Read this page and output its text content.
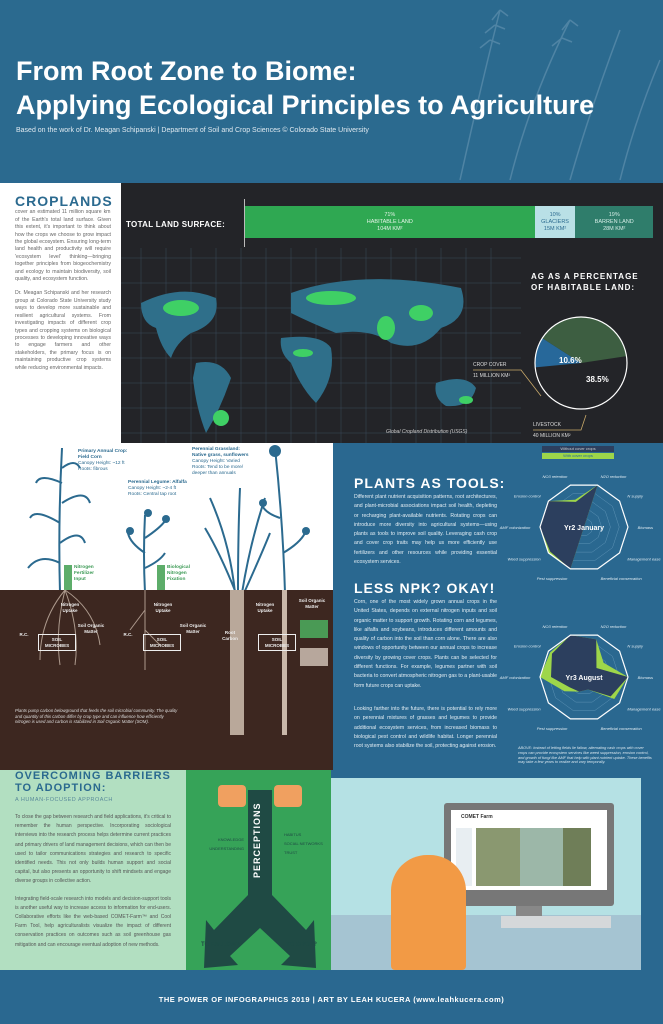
From Root Zone to Biome:
Applying Ecological Principles to Agriculture
Based on the work of Dr. Meagan Schipanski | Department of Soil and Crop Sciences © Colorado State University

CROPLANDS cover an estimated 11 million square km of the Earth's total land surface. Given this extent, it's important to think about how the crops we choose to grow impact the global ecosystem. Ensuring long-term land health and productivity will require 'ecosystem level' thinking—bringing together principles from biogeochemistry and ecology to maintain biodiversity, soil quality, and ecosystem function.

Dr. Meagan Schipanski and her research group at Colorado State University study ways to develop more sustainable and resilient agricultural systems. From investigating impacts of different crop types and cropping systems on biological processes to developing innovative ways to engage farmers and other stakeholders, the primary focus is on maintaining productive crop systems while reducing environmental impacts.

TOTAL LAND SURFACE:
71%
HABITABLE LAND
104M KM²
10%
GLACIERS
15M KM²
19%
BARREN LAND
28M KM²
Global Cropland Distribution (USGS)
AG AS A PERCENTAGE
OF HABITABLE LAND:
10.6%
38.5%
CROP COVER
11 MILLION KM²
LIVESTOCK
40 MILLION KM²
Primary Annual Crop: Field Corn
Canopy Height: ~12 ft
Roots: fibrous
Perennial Legume: Alfalfa
Canopy Height: ~2-4 ft
Roots: Central tap root
Perennial Grassland: Native grass, sunflowers
Canopy Height: Varied
Roots: Tend to be more/ deeper than annuals
Nitrogen Fertilizer Input
Biological Nitrogen Fixation
Nitrogen Uptake
Nitrogen Uptake
Nitrogen Uptake
Soil Organic Matter
Soil Organic Matter
Soil Organic Matter
SOIL MICROBES
SOIL MICROBES
SOIL MICROBES
R.C.	R.C.	Root Carbon
Plants pump carbon belowground that feeds the soil microbial community. The quality and quantity of this carbon differ by crop type and can influence how efficiently nitrogen is used and carbon is stabilized in Soil Organic Matter (SOM).
PLANTS AS TOOLS:
Different plant nutrient acquisition patterns, root architectures, and plant-microbial associations impact soil health, depleting or recharging plant-available nutrients. Rotating crops can introduce more diversity into agricultural systems—using plants as tools to improve soil quality. Leveraging cash crop and cover crop traits may help us more efficiently use fertilizers and other resources while providing essential ecosystem services.
LESS NPK? OKAY!
Corn, one of the most widely grown annual crops in the United States, depends on external nitrogen inputs and soil organic matter to support growth. Rotating corn and legumes, like alfalfa and soybeans, introduces different amounts and quality of carbon into the soil than corn alone. There are also windows of opportunity between our annual crops to increase diversity by growing cover crops. Plants can be selected for different functions. For example, legumes partner with soil bacteria to convert atmospheric nitrogen gas to a plant-usable form future crops can uptake.
Looking farther into the future, there is potential to rely more on perennial mixtures of grasses and legumes to provide additional ecosystem services, from increased biomass to biological pest control and wildlife habitat. Longer perennial root systems also stabilize the soil, protecting against erosion.
Without cover crops
With cover crops
NO3 retention	N2O reduction
N supply
Biomass
Management ease
Beneficial conservation
Pest suppression
Weed suppression
AMF colonization
Erosion control
Yr2 January
NO3 retention	N2O reduction
N supply
Biomass
Management ease
Beneficial conservation
Pest suppression
Weed suppression
AMF colonization
Erosion control
Yr3 August
ABOVE: Instead of letting fields lie fallow, alternating cash crops with cover crops can provide ecosystem services like weed suppression, erosion control, and growth of fungi like AMF that help with plant nutrient uptake. These benefits may take a few years to realize and vary temporally.
OVERCOMING BARRIERS
TO ADOPTION:
A HUMAN-FOCUSED APPROACH

To close the gap between research and field applications, it's critical to remember the human perspective. Incorporating sociological interviews into the research process helps determine current practices and primary drivers of land management decisions, which can then be used to tailor communications strategies and research to specific identified needs. This not only builds human support and social capital, but also presents an opportunity to shift mindsets and engage diverse groups in collective action.

Integrating field-scale research into models and decision-support tools is another useful way to increase access to information for end-users. Collaborative efforts like the web-based COMET-Farm™ and Cool Farm Tool, help agriculturalists visualize the impact of different conservation practices on outcomes such as soil greenhouse gas mitigation and can encourage eventual adoption of new methods.

PERCEPTIONS
KNOWLEDGE
UNDERSTANDING
HABITUS
SOCIAL NETWORKS
TRUST
TO FALLOW?	TO CROP?
COMET Farm
THE POWER OF INFOGRAPHICS 2019 | ART BY LEAH KUCERA (www.leahkucera.com)
